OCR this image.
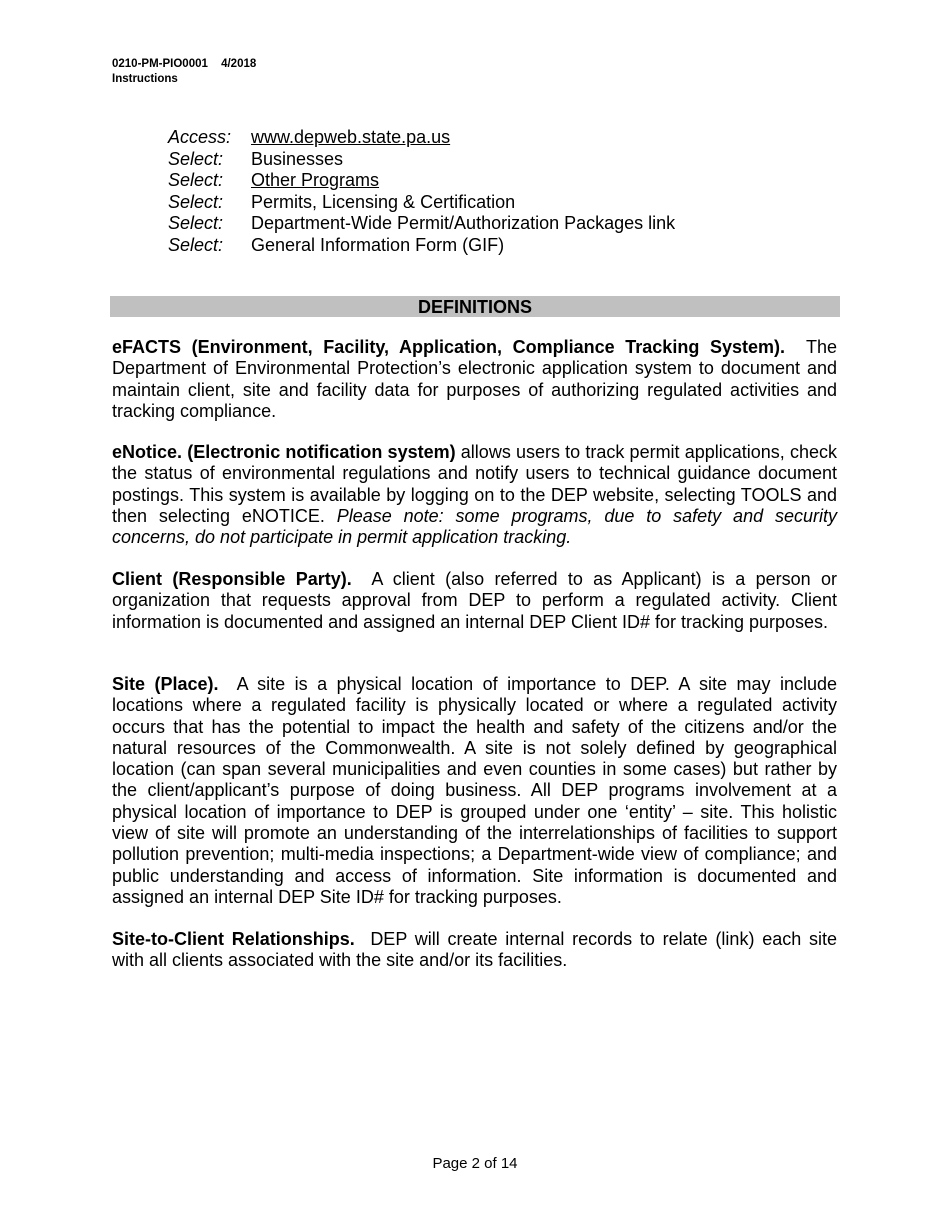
0210-PM-PIO0001 4/2018
Instructions
Access:	www.depweb.state.pa.us
Select:	Businesses
Select:	Other Programs
Select:	Permits, Licensing & Certification
Select:	Department-Wide Permit/Authorization Packages link
Select:	General Information Form (GIF)
DEFINITIONS

eFACTS (Environment, Facility, Application, Compliance Tracking System). The Department of Environmental Protection’s electronic application system to document and maintain client, site and facility data for purposes of authorizing regulated activities and tracking compliance.

eNotice. (Electronic notification system) allows users to track permit applications, check the status of environmental regulations and notify users to technical guidance document postings. This system is available by logging on to the DEP website, selecting TOOLS and then selecting eNOTICE. Please note: some programs, due to safety and security concerns, do not participate in permit application tracking.

Client (Responsible Party). A client (also referred to as Applicant) is a person or organization that requests approval from DEP to perform a regulated activity. Client information is documented and assigned an internal DEP Client ID# for tracking purposes.

Site (Place). A site is a physical location of importance to DEP. A site may include locations where a regulated facility is physically located or where a regulated activity occurs that has the potential to impact the health and safety of the citizens and/or the natural resources of the Commonwealth. A site is not solely defined by geographical location (can span several municipalities and even counties in some cases) but rather by the client/applicant’s purpose of doing business. All DEP programs involvement at a physical location of importance to DEP is grouped under one ‘entity’ – site. This holistic view of site will promote an understanding of the interrelationships of facilities to support pollution prevention; multi-media inspections; a Department-wide view of compliance; and public understanding and access of information. Site information is documented and assigned an internal DEP Site ID# for tracking purposes.

Site-to-Client Relationships. DEP will create internal records to relate (link) each site with all clients associated with the site and/or its facilities.

Page 2 of 14
